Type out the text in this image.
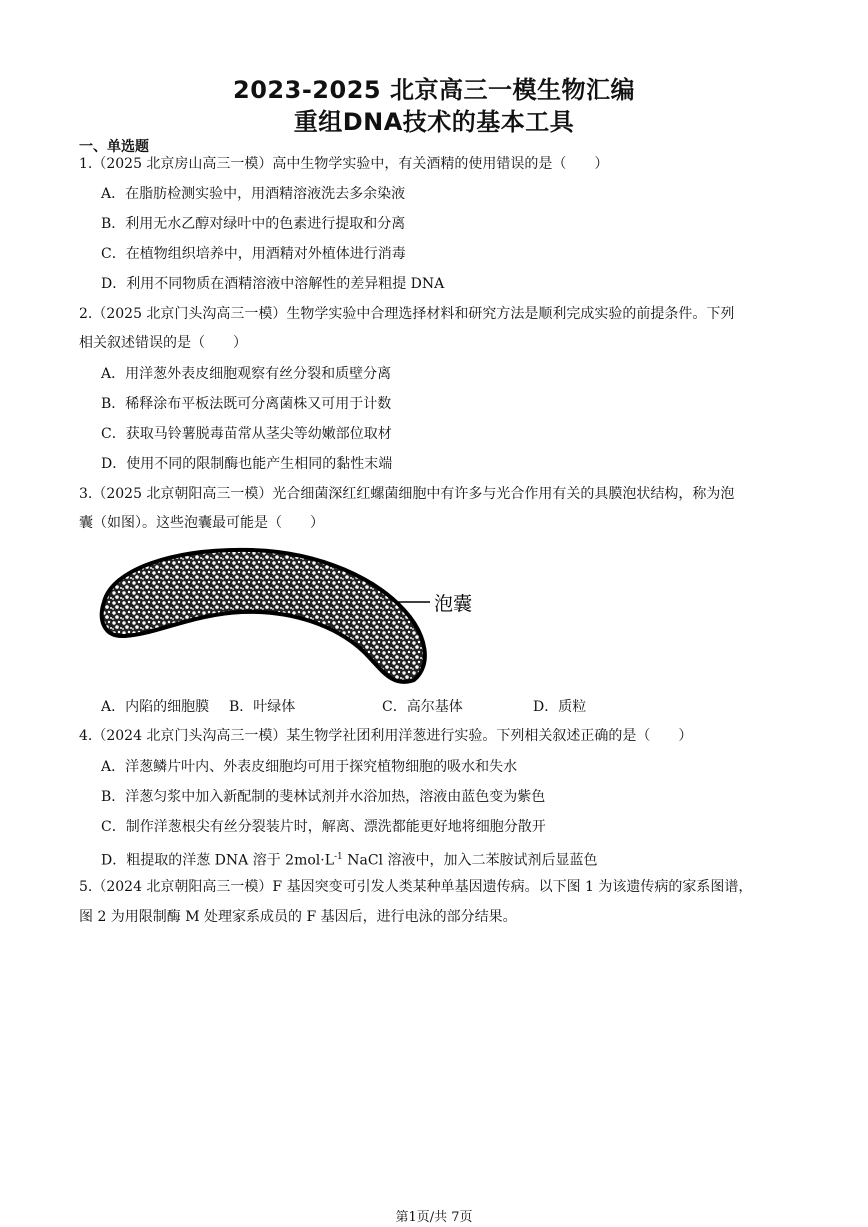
2023-2025 北京高三一模生物汇编
重组DNA技术的基本工具
一、单选题
1.（2025 北京房山高三一模）高中生物学实验中，有关酒精的使用错误的是（　　）
A．在脂肪检测实验中，用酒精溶液洗去多余染液
B．利用无水乙醇对绿叶中的色素进行提取和分离
C．在植物组织培养中，用酒精对外植体进行消毒
D．利用不同物质在酒精溶液中溶解性的差异粗提 DNA
2.（2025 北京门头沟高三一模）生物学实验中合理选择材料和研究方法是顺利完成实验的前提条件。下列
相关叙述错误的是（　　）
A．用洋葱外表皮细胞观察有丝分裂和质壁分离
B．稀释涂布平板法既可分离菌株又可用于计数
C．获取马铃薯脱毒苗常从茎尖等幼嫩部位取材
D．使用不同的限制酶也能产生相同的黏性末端
3.（2025 北京朝阳高三一模）光合细菌深红红螺菌细胞中有许多与光合作用有关的具膜泡状结构，称为泡
囊（如图）。这些泡囊最可能是（　　）
泡囊
A．内陷的细胞膜 B．叶绿体	C．高尔基体	D．质粒
4.（2024 北京门头沟高三一模）某生物学社团利用洋葱进行实验。下列相关叙述正确的是（　　）
A．洋葱鳞片叶内、外表皮细胞均可用于探究植物细胞的吸水和失水
B．洋葱匀浆中加入新配制的斐林试剂并水浴加热，溶液由蓝色变为紫色
C．制作洋葱根尖有丝分裂装片时，解离、漂洗都能更好地将细胞分散开
D．粗提取的洋葱 DNA 溶于 $2mol\cdot L^{-1}$ NaCl 溶液中，加入二苯胺试剂后显蓝色
5.（2024 北京朝阳高三一模）F 基因突变可引发人类某种单基因遗传病。以下图 1 为该遗传病的家系图谱，
图 2 为用限制酶 M 处理家系成员的 F 基因后，进行电泳的部分结果。
第1页/共 7页
